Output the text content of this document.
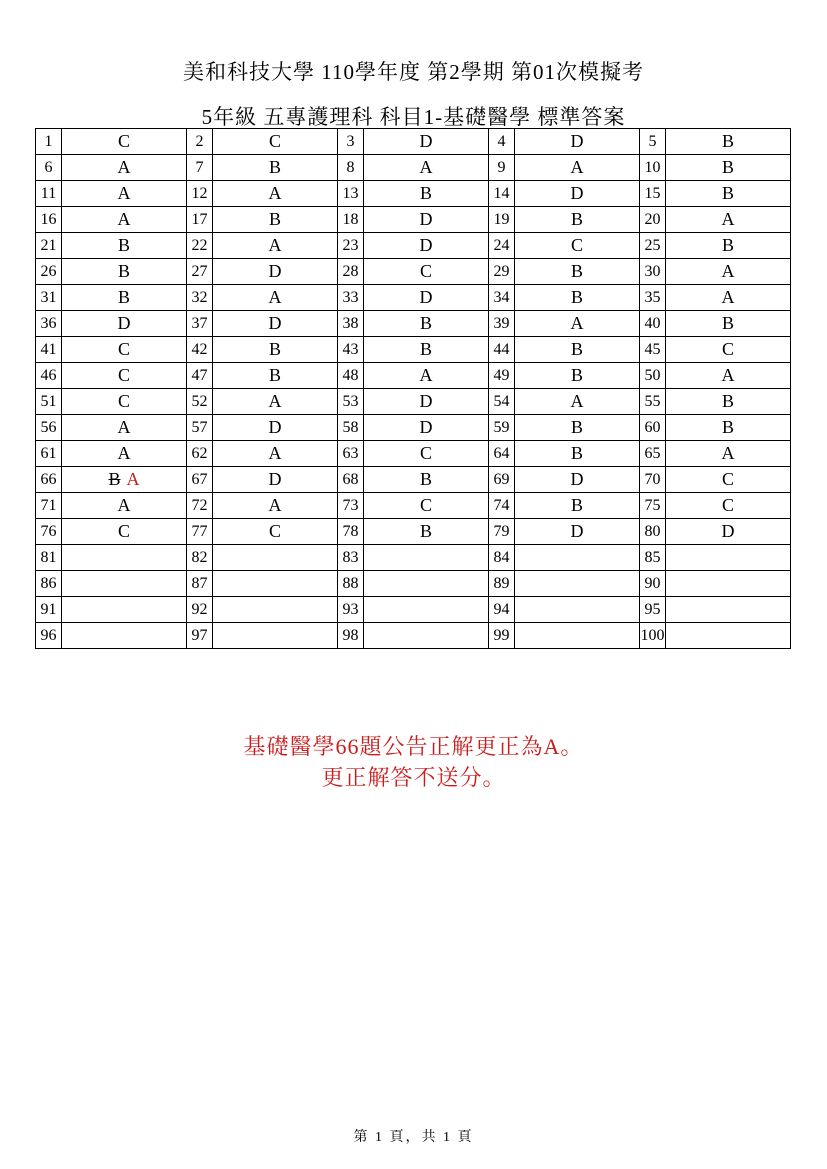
美和科技大學 110學年度 第2學期 第01次模擬考
5年級 五專護理科 科目1-基礎醫學 標準答案
1	C	2	C	3	D	4	D	5	B
6	A	7	B	8	A	9	A	10	B
11	A	12	A	13	B	14	D	15	B
16	A	17	B	18	D	19	B	20	A
21	B	22	A	23	D	24	C	25	B
26	B	27	D	28	C	29	B	30	A
31	B	32	A	33	D	34	B	35	A
36	D	37	D	38	B	39	A	40	B
41	C	42	B	43	B	44	B	45	C
46	C	47	B	48	A	49	B	50	A
51	C	52	A	53	D	54	A	55	B
56	A	57	D	58	D	59	B	60	B
61	A	62	A	63	C	64	B	65	A
66	B A	67	D	68	B	69	D	70	C
71	A	72	A	73	C	74	B	75	C
76	C	77	C	78	B	79	D	80	D
81		82		83		84		85	
86		87		88		89		90	
91		92		93		94		95	
96		97		98		99		100	
基礎醫學66題公告正解更正為A。
更正解答不送分。
第 1 頁，共 1 頁
